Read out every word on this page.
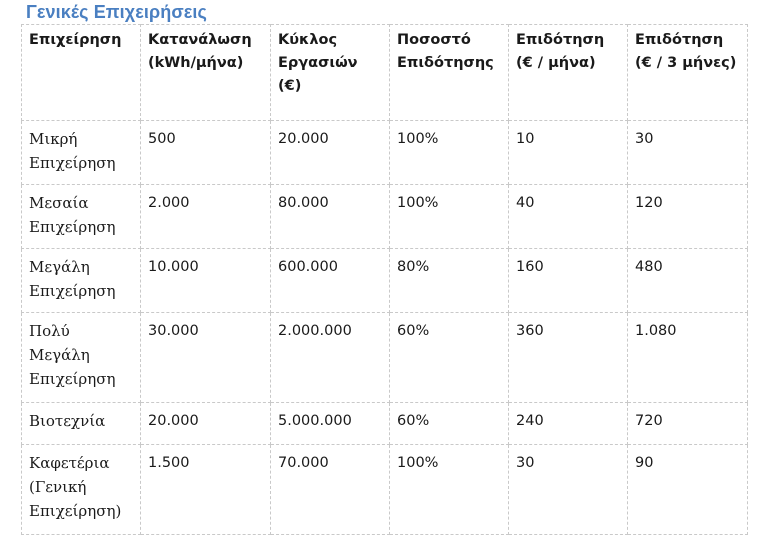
Γενικές Επιχειρήσεις
Επιχείρηση	Κατανάλωση (kWh/μήνα)	Κύκλος Εργασιών (€)	Ποσοστό Επιδότησης	Επιδότηση (€ / μήνα)	Επιδότηση (€ / 3 μήνες)
Μικρή Επιχείρηση	500	20.000	100%	10	30
Μεσαία Επιχείρηση	2.000	80.000	100%	40	120
Μεγάλη Επιχείρηση	10.000	600.000	80%	160	480
Πολύ Μεγάλη Επιχείρηση	30.000	2.000.000	60%	360	1.080
Βιοτεχνία	20.000	5.000.000	60%	240	720
Καφετέρια (Γενική Επιχείρηση)	1.500	70.000	100%	30	90
